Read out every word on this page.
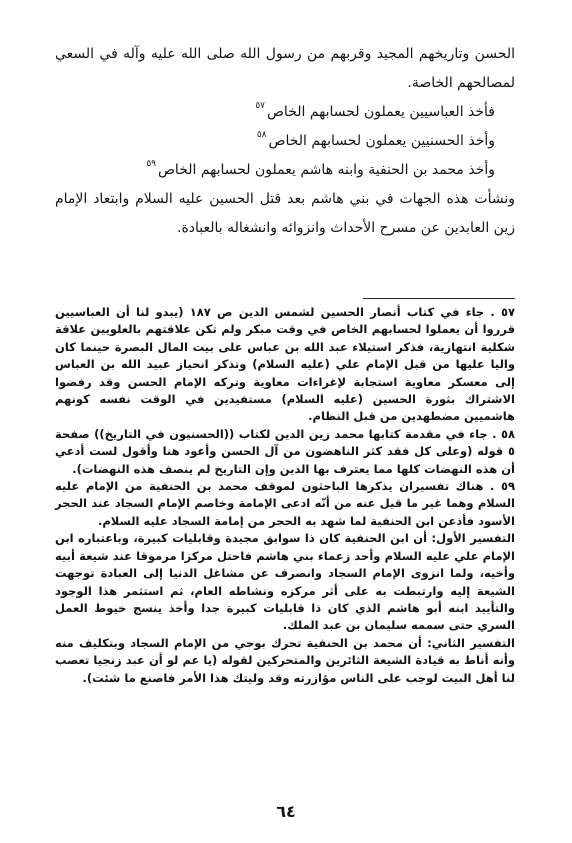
الحسن وتاريخهم المجيد وقربهم من رسول الله صلى الله عليه وآله في السعي لمصالحهم الخاصة.

فأخذ العباسيين يعملون لحسابهم الخاص$^{٥٧}$

وأخذ الحسنيين يعملون لحسابهم الخاص$^{٥٨}$

وأخذ محمد بن الحنفية وابنه هاشم يعملون لحسابهم الخاص$^{٥٩}$

ونشأت هذه الجهات في بني هاشم بعد قتل الحسين عليه السلام وابتعاد الإمام زين العابدين عن مسرح الأحداث وانزوائه وانشغاله بالعبادة.

٥٧ . جاء في كتاب أنصار الحسين لشمس الدين ص ١٨٧ (يبدو لنا أن العباسيين قرروا أن يعملوا لحسابهم الخاص في وقت مبكر ولم تكن علاقتهم بالعلويين علاقة شكلية انتهازية، فذكر استيلاء عبد الله بن عباس على بيت المال البصرة حينما كان واليا عليها من قبل الإمام علي (عليه السلام) وتذكر انحياز عبيد الله بن العباس إلى معسكر معاوية استجابة لإغراءات معاوية وتركه الإمام الحسن وقد رفضوا الاشتراك بثورة الحسين (عليه السلام) مستفيدين في الوقت نفسه كونهم هاشميين مضطهدين من قبل النظام.

٥٨ . جاء في مقدمة كتابها محمد زين الدين لكتاب ((الحسنيون في التاريخ)) صفحة ٥ قوله (وعلى كل فقد كثر الناهضون من آل الحسن وأعود هنا وأقول لست أدعي أن هذه النهضات كلها مما يعترف بها الدين وإن التاريخ لم ينصف هذه النهضات).

٥٩ . هناك تفسيران يذكرها الباحثون لموقف محمد بن الحنفية من الإمام عليه السلام وهما غير ما قيل عنه من أنّه ادعى الإمامة وخاصم الإمام السجاد عند الحجر الأسود فأذعن ابن الحنفية لما شهد به الحجر من إمامة السجاد عليه السلام.

التفسير الأول: أن ابن الحنفية كان ذا سوابق مجيدة وقابليات كبيرة، وباعتباره ابن الإمام علي عليه السلام وأحد زعماء بني هاشم فاحتل مركزا مرموقا عند شيعة أبيه وأخيه، ولما انزوى الإمام السجاد وانصرف عن مشاغل الدنيا إلى العبادة توجهت الشيعة إليه وارتبطت به على أثر مركزه ونشاطه العام، ثم استثمر هذا الوجود والتأييد ابنه أبو هاشم الذي كان ذا قابليات كبيرة جدا وأخذ ينسج خيوط العمل السري حتى سممه سليمان بن عبد الملك.

التفسير الثاني: أن محمد بن الحنفية تحرك بوحي من الإمام السجاد وبتكليف منه وأنه أناط به قيادة الشيعة الثائرين والمتحركين لقوله (يا عم لو أن عبد زنجيا تعصب لنا أهل البيت لوجب على الناس مؤازرته وقد وليتك هذا الأمر فاصنع ما شئت).

٦٤
